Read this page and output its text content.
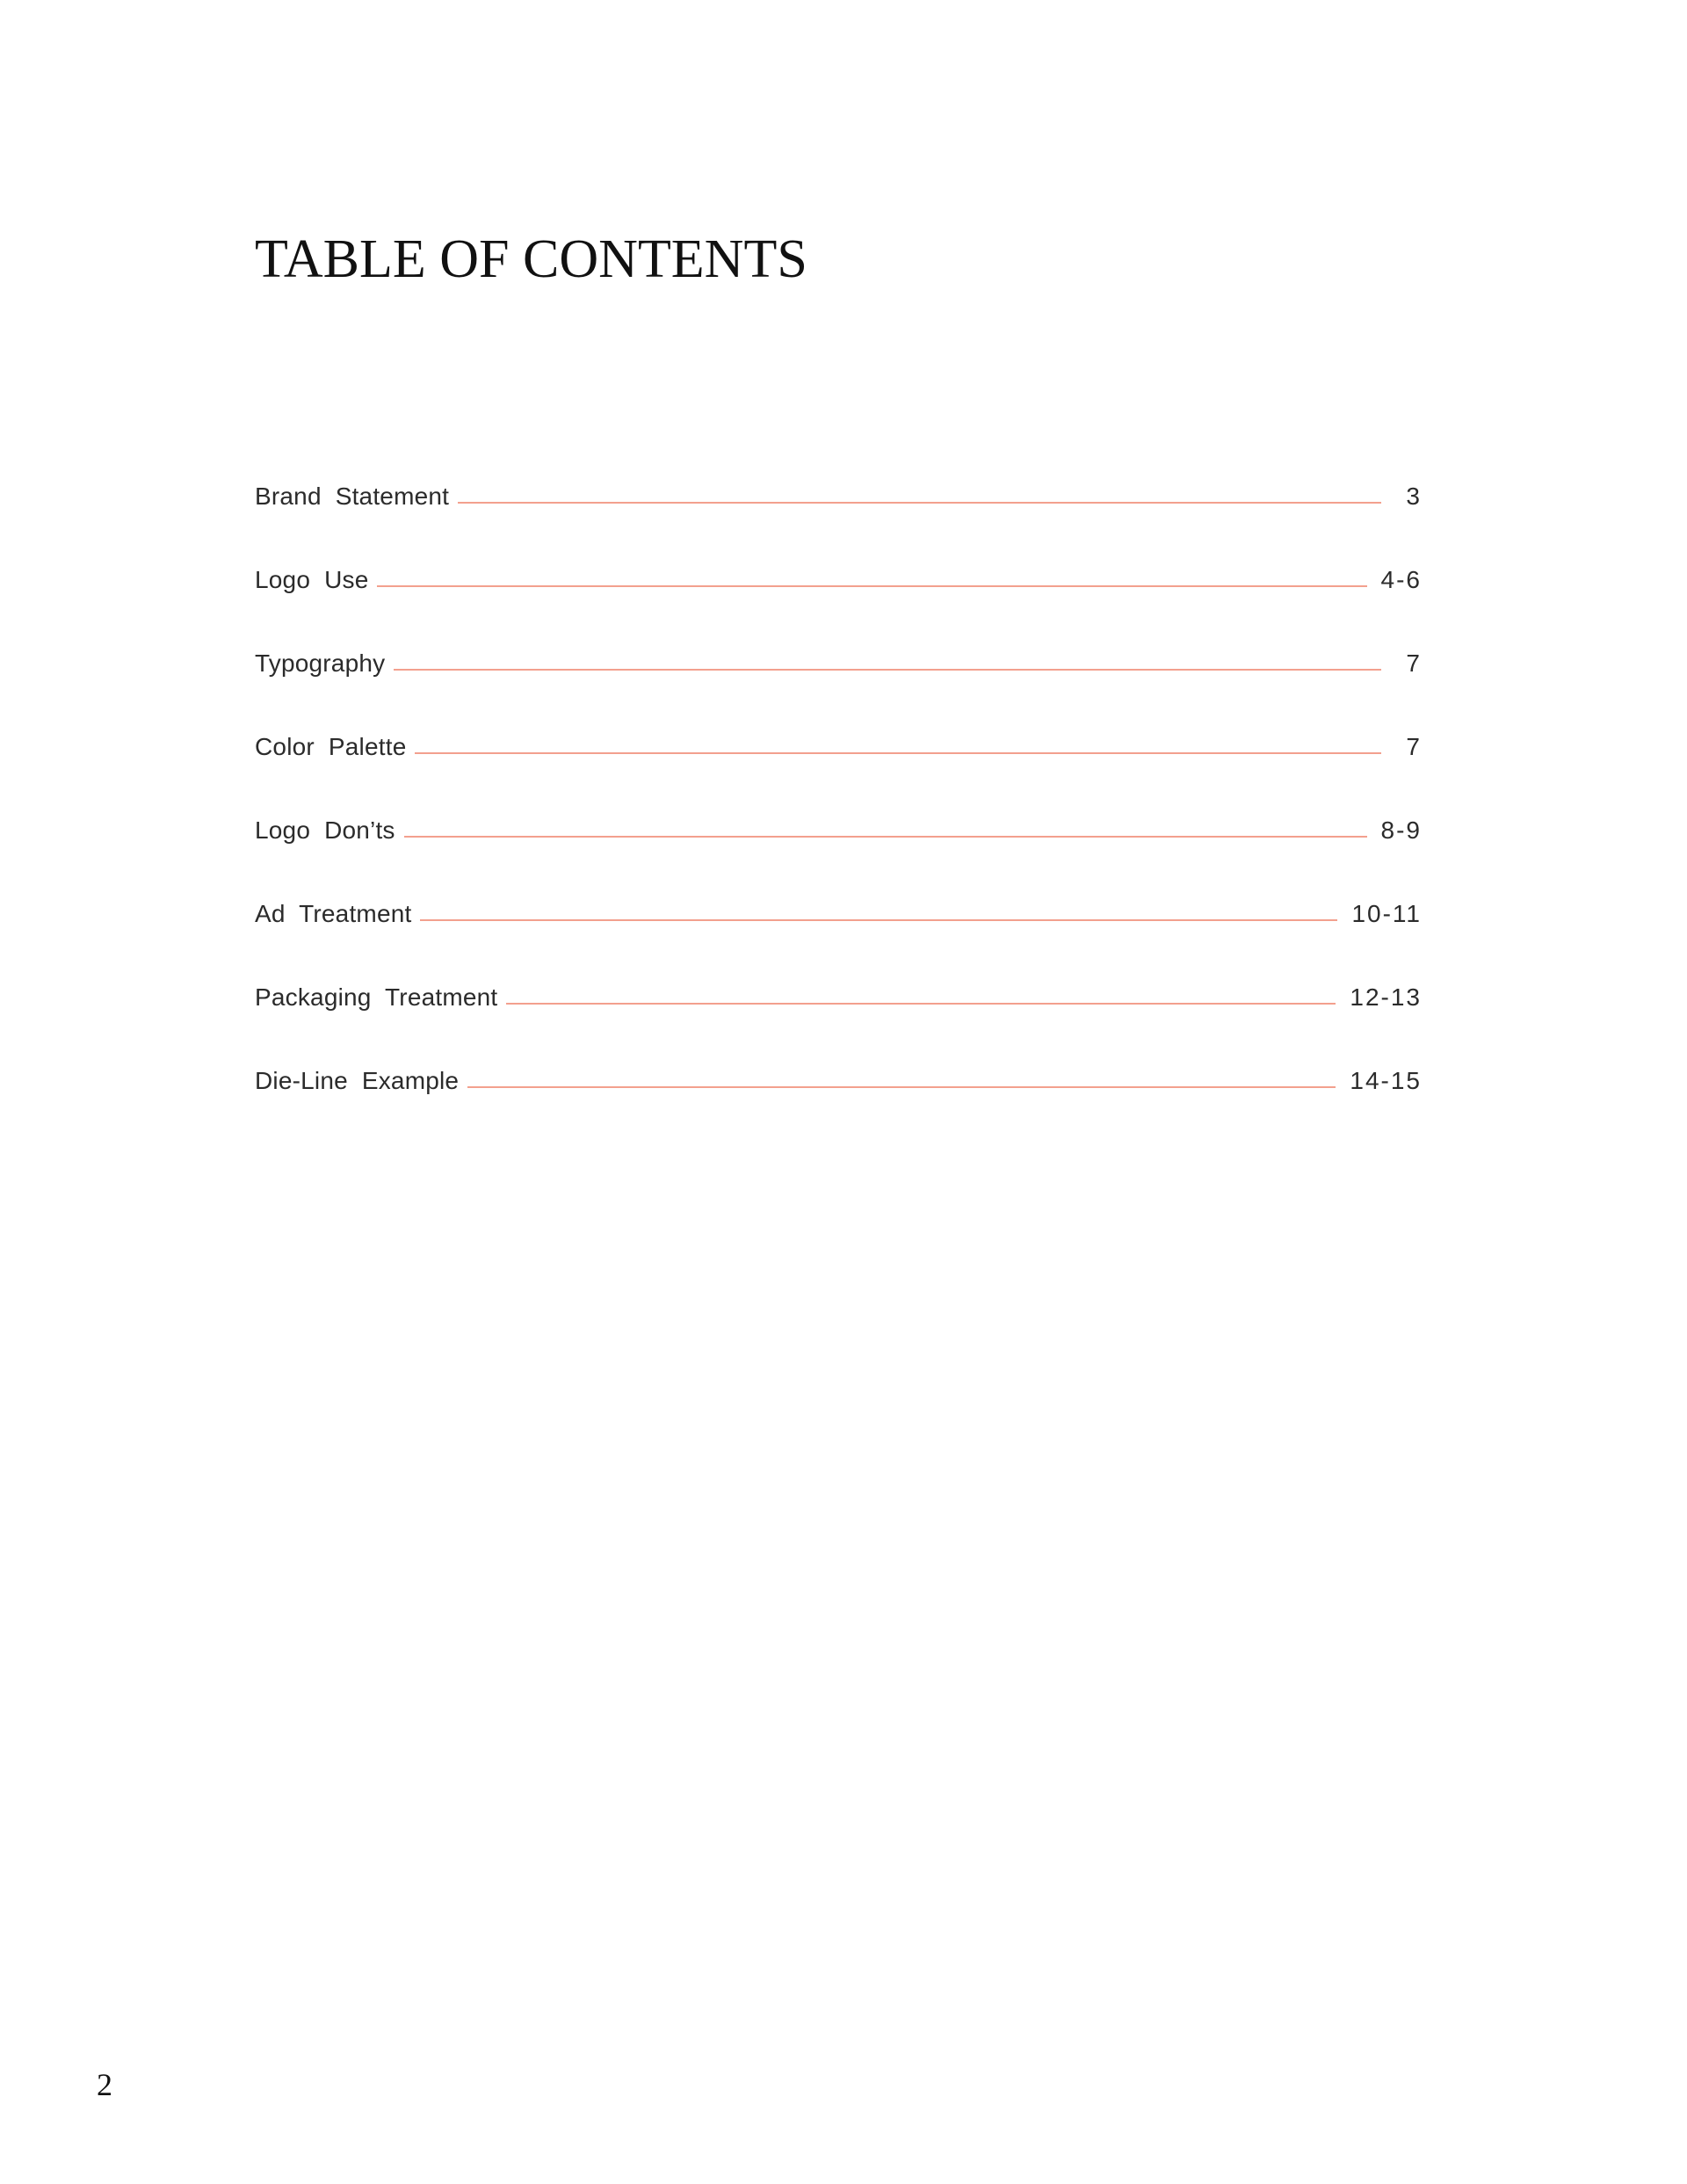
TABLE OF CONTENTS
Brand Statement	3
Logo Use	4-6
Typography	7
Color Palette	7
Logo Don’ts	8-9
Ad Treatment	10-11
Packaging Treatment	12-13
Die-Line Example	14-15
2
